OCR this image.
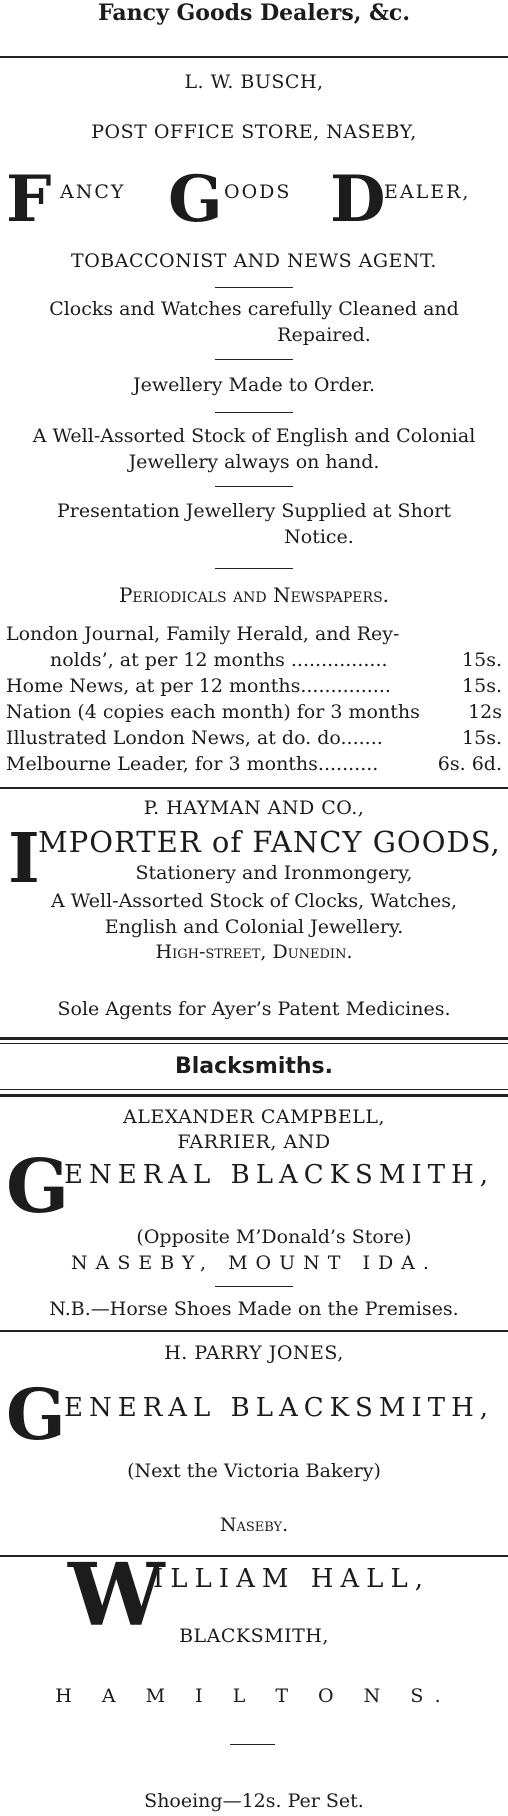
Fancy Goods Dealers, &c.
L. W. BUSCH,
POST OFFICE STORE, NASEBY,
F ANCY G OODS D
EALER,
TOBACCONIST AND NEWS AGENT.
Clocks and Watches carefully Cleaned and
Repaired.
Jewellery Made to Order.
A Well-Assorted Stock of English and Colonial
Jewellery always on hand.
Presentation Jewellery Supplied at Short
Notice.
Periodicals and Newspapers.
London Journal, Family Herald, and Rey-
nolds’, at per 12 months ................	15s.
Home News, at per 12 months...............	15s.
Nation (4 copies each month) for 3 months	12s
Illustrated London News, at do. do.......	15s.
Melbourne Leader, for 3 months..........	6s. 6d.
P. HAYMAN AND CO.,
I
MPORTER of FANCY GOODS,
Stationery and Ironmongery,
A Well-Assorted Stock of Clocks, Watches,
English and Colonial Jewellery.
High-street, Dunedin.
Sole Agents for Ayer’s Patent Medicines.
Blacksmiths.
ALEXANDER CAMPBELL,
FARRIER, AND
G
ENERAL BLACKSMITH,
(Opposite M’Donald’s Store)
NASEBY, MOUNT IDA.
N.B.—Horse Shoes Made on the Premises.
H. PARRY JONES,
G
ENERAL BLACKSMITH,
(Next the Victoria Bakery)
Naseby.
W
ILLIAM HALL,
BLACKSMITH,
H A M I L T O N S.
Shoeing—12s. Per Set.
